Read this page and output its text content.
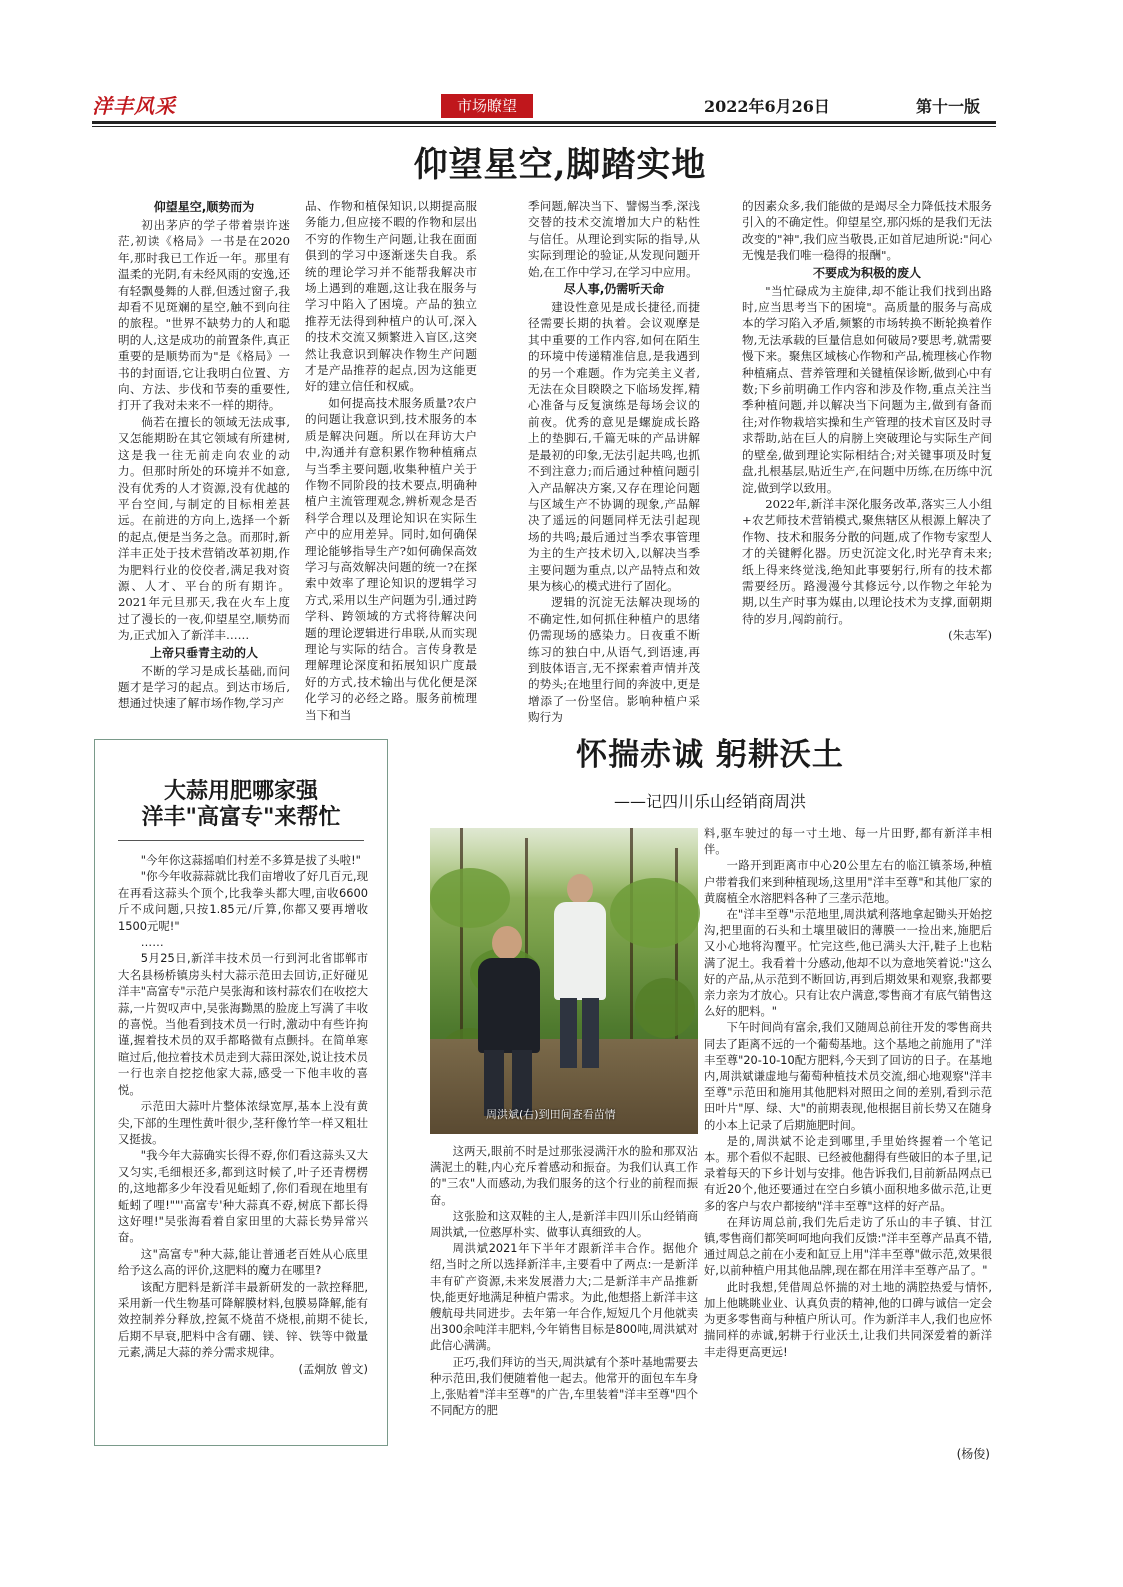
洋丰风采	市场瞭望	2022年6月26日	第十一版
仰望星空,脚踏实地
仰望星空,顺势而为

初出茅庐的学子带着崇许迷茫,初读《格局》一书是在2020年,那时我已工作近一年。那里有温柔的光阴,有未经风雨的安逸,还有轻飘曼舞的人群,但透过窗子,我却看不见斑斓的星空,触不到向往的旅程。"世界不缺势力的人和聪明的人,这是成功的前置条件,真正重要的是顺势而为"是《格局》一书的封面语,它让我明白位置、方向、方法、步伐和节奏的重要性,打开了我对未来不一样的期待。

倘若在擅长的领域无法成事,又怎能期盼在其它领域有所建树,这是我一往无前走向农业的动力。但那时所处的环境并不如意,没有优秀的人才资源,没有优越的平台空间,与制定的目标相差甚远。在前进的方向上,选择一个新的起点,便是当务之急。而那时,新洋丰正处于技术营销改革初期,作为肥料行业的佼佼者,满足我对资源、人才、平台的所有期许。2021年元旦那天,我在火车上度过了漫长的一夜,仰望星空,顺势而为,正式加入了新洋丰……

上帝只垂青主动的人

不断的学习是成长基础,而问题才是学习的起点。到达市场后,想通过快速了解市场作物,学习产

品、作物和植保知识,以期提高服务能力,但应接不暇的作物和层出不穷的作物生产问题,让我在面面俱到的学习中逐渐迷失自我。系统的理论学习并不能帮我解决市场上遇到的难题,这让我在服务与学习中陷入了困境。产品的独立推荐无法得到种植户的认可,深入的技术交流又频繁进入盲区,这突然让我意识到解决作物生产问题才是产品推荐的起点,因为这能更好的建立信任和权威。

如何提高技术服务质量?农户的问题让我意识到,技术服务的本质是解决问题。所以在拜访大户中,沟通并有意积累作物种植痛点与当季主要问题,收集种植户关于作物不同阶段的技术要点,明确种植户主流管理观念,辨析观念是否科学合理以及理论知识在实际生产中的应用差异。同时,如何确保理论能够指导生产?如何确保高效学习与高效解决问题的统一?在探索中效率了理论知识的逻辑学习方式,采用以生产问题为引,通过跨学科、跨领域的方式将待解决问题的理论逻辑进行串联,从而实现理论与实际的结合。言传身教是理解理论深度和拓展知识广度最好的方式,技术输出与优化便是深化学习的必经之路。服务前梳理当下和当

季问题,解决当下、譬惕当季,深浅交替的技术交流增加大户的粘性与信任。从理论到实际的指导,从实际到理论的验证,从发现问题开始,在工作中学习,在学习中应用。

尽人事,仍需听天命

建设性意见是成长捷径,而捷径需要长期的执着。会议观摩是其中重要的工作内容,如何在陌生的环境中传递精准信息,是我遇到的另一个难题。作为完美主义者,无法在众目睽睽之下临场发挥,精心准备与反复演练是每场会议的前夜。优秀的意见是螺旋成长路上的垫脚石,千篇无味的产品讲解是最初的印象,无法引起共鸣,也抓不到注意力;而后通过种植问题引入产品解决方案,又存在理论问题与区域生产不协调的现象,产品解决了遥远的问题同样无法引起现场的共鸣;最后通过当季农事管理为主的生产技术切入,以解决当季主要问题为重点,以产品特点和效果为核心的模式进行了固化。

逻辑的沉淀无法解决现场的不确定性,如何抓住种植户的思绪仍需现场的感染力。日夜重不断练习的独白中,从语气,到语速,再到肢体语言,无不探索着声情并茂的势头;在地里行间的奔波中,更是增添了一份坚信。影响种植户采购行为

的因素众多,我们能做的是竭尽全力降低技术服务引入的不确定性。仰望星空,那闪烁的是我们无法改变的"神",我们应当敬畏,正如首尼迪所说:"问心无愧是我们唯一稳得的报酬"。

不要成为积极的废人

"当忙碌成为主旋律,却不能让我们找到出路时,应当思考当下的困境"。高质量的服务与高成本的学习陷入矛盾,频繁的市场转换不断轮换着作物,无法承载的巨量信息如何破局?要思考,就需要慢下来。聚焦区域核心作物和产品,梳理核心作物种植痛点、营养管理和关键植保诊断,做到心中有数;下乡前明确工作内容和涉及作物,重点关注当季种植问题,并以解决当下问题为主,做到有备而往;对作物栽培实操和生产管理的技术盲区及时寻求帮助,站在巨人的肩膀上突破理论与实际生产间的壁垒,做到理论实际相结合;对关键事项及时复盘,扎根基层,贴近生产,在问题中历练,在历练中沉淀,做到学以致用。

2022年,新洋丰深化服务改革,落实三人小组+农艺师技术营销模式,聚焦辖区从根源上解决了作物、技术和服务分散的问题,成了作物专家型人才的关键孵化器。历史沉淀文化,时光孕育未来;纸上得来终觉浅,绝知此事要躬行,所有的技术都需要经历。路漫漫兮其修远兮,以作物之年轮为期,以生产时事为媒由,以理论技术为支撑,面朝期待的岁月,闯韵前行。

(朱志军)
大蒜用肥哪家强
洋丰"高富专"来帮忙

"今年你这蒜摇咱们村差不多算是拔了头啦!"

"你今年收蒜蒜就比我们亩增收了好几百元,现在再看这蒜头个顶个,比我拳头都大哩,亩收6600斤不成问题,只按1.85元/斤算,你都又要再增收1500元呢!"

……

5月25日,新洋丰技术员一行到河北省邯郸市大名县杨桥镇房头村大蒜示范田去回访,正好碰见洋丰"高富专"示范户吴张海和该村蒜农们在收挖大蒜,一片贺叹声中,吴张海黝黑的脸庞上写满了丰收的喜悦。当他看到技术员一行时,激动中有些许拘谨,握着技术员的双手都略微有点颤抖。在简单寒暄过后,他拉着技术员走到大蒜田深处,说让技术员一行也亲自挖挖他家大蒜,感受一下他丰收的喜悦。

示范田大蒜叶片整体浓绿宽厚,基本上没有黄尖,下部的生理性黄叶很少,茎秆像竹竿一样又粗壮又挺拔。

"我今年大蒜确实长得不孬,你们看这蒜头又大又匀实,毛细根还多,都到这时候了,叶子还青楞楞的,这地都多少年没看见蚯蚓了,你们看现在地里有蚯蚓了哩!""'高富专'种大蒜真不孬,树底下都长得这好哩!"吴张海看着自家田里的大蒜长势异常兴奋。

这"高富专"种大蒜,能让普通老百姓从心底里给予这么高的评价,这肥料的魔力在哪里?

该配方肥料是新洋丰最新研发的一款控释肥,采用新一代生物基可降解膜材料,包膜易降解,能有效控制养分释放,控氮不烧苗不烧根,前期不徒长,后期不早衰,肥料中含有硼、镁、锌、铁等中微量元素,满足大蒜的养分需求规律。
(孟炯放 曾文)

怀揣赤诚 躬耕沃土
——记四川乐山经销商周洪
周洪斌(右)到田间查看苗情

这两天,眼前不时是过那张浸满汗水的脸和那双沾满泥土的鞋,内心充斥着感动和振奋。为我们认真工作的"三农"人而感动,为我们服务的这个行业的前程而振奋。

这张脸和这双鞋的主人,是新洋丰四川乐山经销商周洪斌,一位憨厚朴实、做事认真细致的人。

周洪斌2021年下半年才跟新洋丰合作。据他介绍,当时之所以选择新洋丰,主要看中了两点:一是新洋丰有矿产资源,未来发展潜力大;二是新洋丰产品推新快,能更好地满足种植户需求。为此,他想搭上新洋丰这艘航母共同进步。去年第一年合作,短短几个月他就卖出300余吨洋丰肥料,今年销售目标是800吨,周洪斌对此信心满满。

正巧,我们拜访的当天,周洪斌有个茶叶基地需要去种示范田,我们便随着他一起去。他常开的面包车车身上,张贴着"洋丰至尊"的广告,车里装着"洋丰至尊"四个不同配方的肥

料,驱车驶过的每一寸土地、每一片田野,都有新洋丰相伴。

一路开到距离市中心20公里左右的临江镇茶场,种植户带着我们来到种植现场,这里用"洋丰至尊"和其他厂家的黄腐植全水溶肥料各种了三垄示范地。

在"洋丰至尊"示范地里,周洪斌利落地拿起锄头开始挖沟,把里面的石头和土壤里破旧的薄膜一一捡出来,施肥后又小心地将沟覆平。忙完这些,他已满头大汗,鞋子上也粘满了泥土。我看着十分感动,他却不以为意地笑着说:"这么好的产品,从示范到不断回访,再到后期效果和观察,我都要亲力亲为才放心。只有让农户满意,零售商才有底气销售这么好的肥料。"

下午时间尚有富余,我们又随周总前往开发的零售商共同去了距离不远的一个葡萄基地。这个基地之前施用了"洋丰至尊"20-10-10配方肥料,今天到了回访的日子。在基地内,周洪斌谦虚地与葡萄种植技术员交流,细心地观察"洋丰至尊"示范田和施用其他肥料对照田之间的差别,看到示范田叶片"厚、绿、大"的前期表现,他根据目前长势又在随身的小本上记录了后期施肥时间。

是的,周洪斌不论走到哪里,手里始终握着一个笔记本。那个看似不起眼、已经被他翻得有些破旧的本子里,记录着每天的下乡计划与安排。他告诉我们,目前新品网点已有近20个,他还要通过在空白乡镇小面积地多做示范,让更多的客户与农户都接纳"洋丰至尊"这样的好产品。

在拜访周总前,我们先后走访了乐山的丰子镇、甘江镇,零售商们都笑呵呵地向我们反馈:"洋丰至尊产品真不错,通过周总之前在小麦和缸豆上用"洋丰至尊"做示范,效果很好,以前种植户用其他品牌,现在都在用洋丰至尊产品了。"

此时我想,凭借周总怀揣的对土地的满腔热爱与情怀,加上他眺眺业业、认真负责的精神,他的口碑与诚信一定会为更多零售商与种植户所认可。作为新洋丰人,我们也应怀揣同样的赤诚,躬耕于行业沃土,让我们共同深爱着的新洋丰走得更高更远!

(杨俊)
